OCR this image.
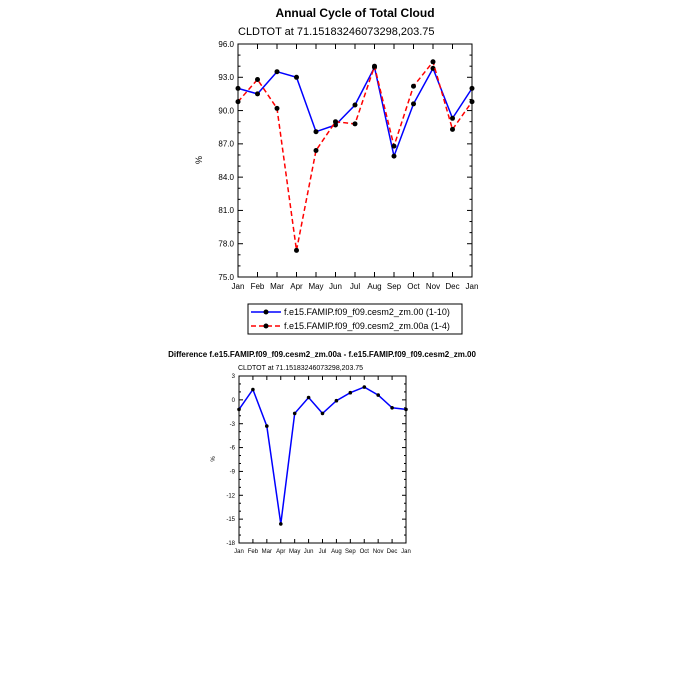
Annual Cycle of Total Cloud
CLDTOT at 71.15183246073298,203.75
%
75.0
78.0
81.0
84.0
87.0
90.0
93.0
96.0
Jan Feb Mar Apr May Jun Jul Aug Sep Oct Nov Dec Jan
f.e15.FAMIP.f09_f09.cesm2_zm.00 (1-10)
f.e15.FAMIP.f09_f09.cesm2_zm.00a (1-4)
Difference f.e15.FAMIP.f09_f09.cesm2_zm.00a - f.e15.FAMIP.f09_f09.cesm2_zm.00
CLDTOT at 71.15183246073298,203.75
%
-18
-15
-12
-9
-6
-3
0
3
Jan Feb Mar Apr May Jun Jul Aug Sep Oct Nov Dec Jan
